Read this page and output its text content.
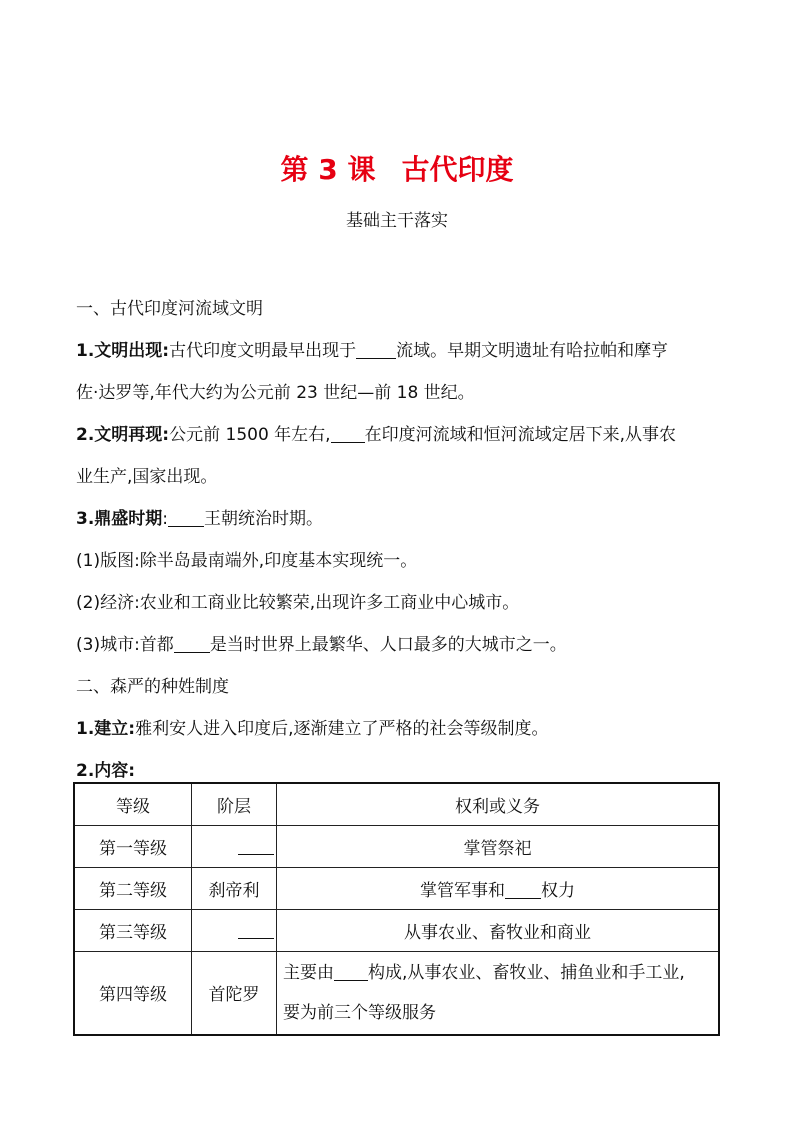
第 3 课 古代印度
基础主干落实
一、古代印度河流域文明
1.文明出现:古代印度文明最早出现于 流域。早期文明遗址有哈拉帕和摩亨
佐·达罗等,年代大约为公元前 23 世纪—前 18 世纪。
2.文明再现:公元前 1500 年左右, 在印度河流域和恒河流域定居下来,从事农
业生产,国家出现。
3.鼎盛时期: 王朝统治时期。
(1)版图:除半岛最南端外,印度基本实现统一。
(2)经济:农业和工商业比较繁荣,出现许多工商业中心城市。
(3)城市:首都 是当时世界上最繁华、人口最多的大城市之一。
二、森严的种姓制度
1.建立:雅利安人进入印度后,逐渐建立了严格的社会等级制度。
2.内容:
等级	阶层	权利或义务
第一等级		掌管祭祀
第二等级	刹帝利	掌管军事和 权力
第三等级		从事农业、畜牧业和商业
第四等级	首陀罗	主要由 构成,从事农业、畜牧业、捕鱼业和手工业,
要为前三个等级服务
